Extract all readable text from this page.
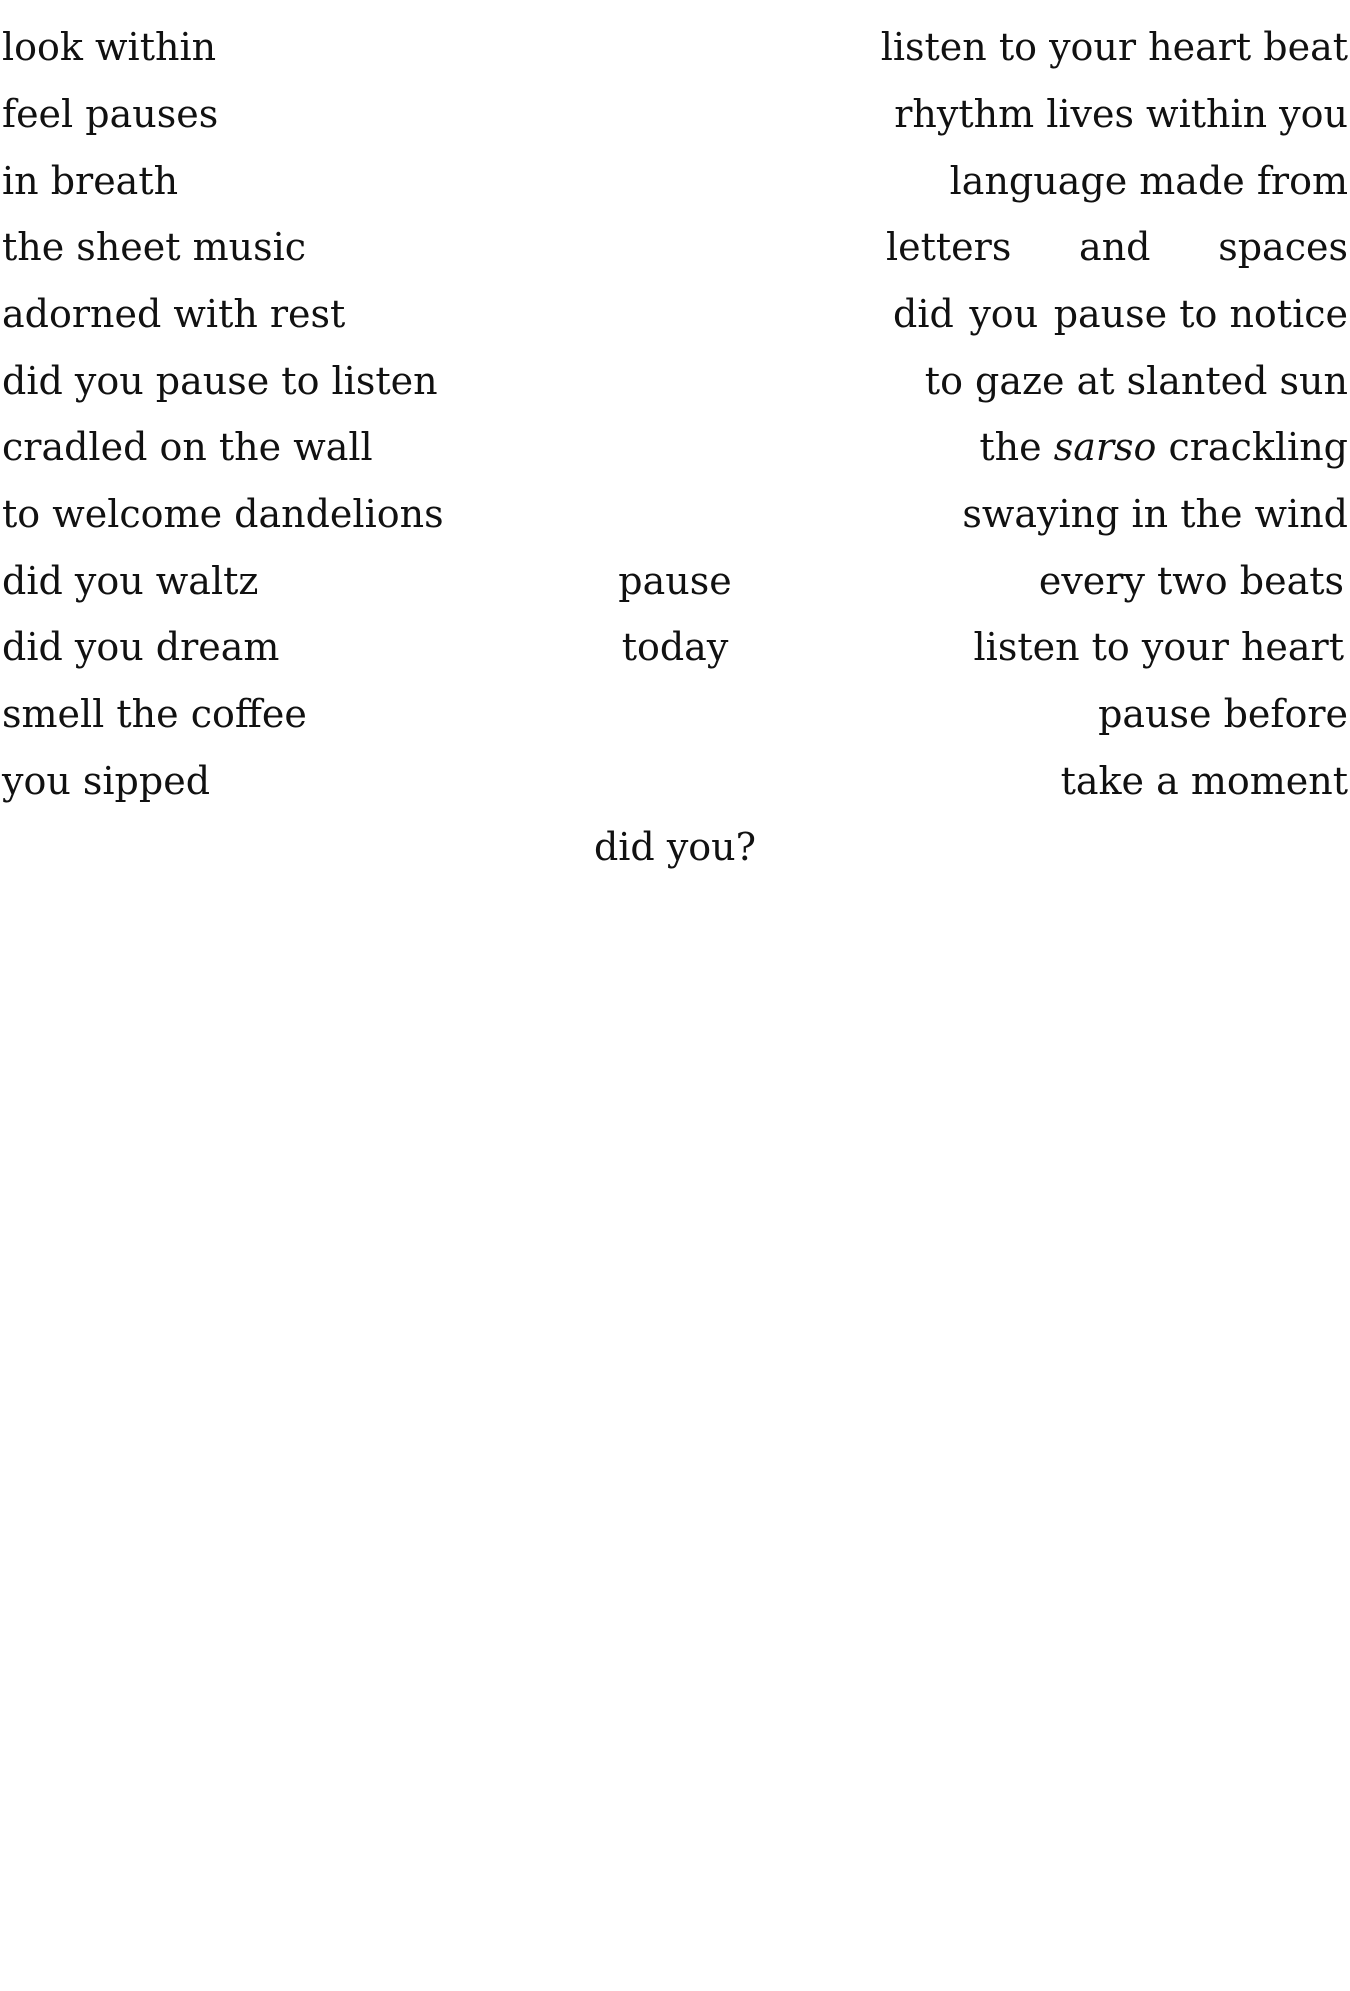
look within
feel pauses
in breath
the sheet music
adorned with rest
did you pause to listen
cradled on the wall
to welcome dandelions
did you waltz
did you dream
smell the coffee
you sipped
listen to your heart beat
rhythm lives within you
language made from
letters and spaces
did you pause to notice
to gaze at slanted sun
the sarso crackling
swaying in the wind
every two beats
listen to your heart
pause before
take a moment
pause
today
did you?
